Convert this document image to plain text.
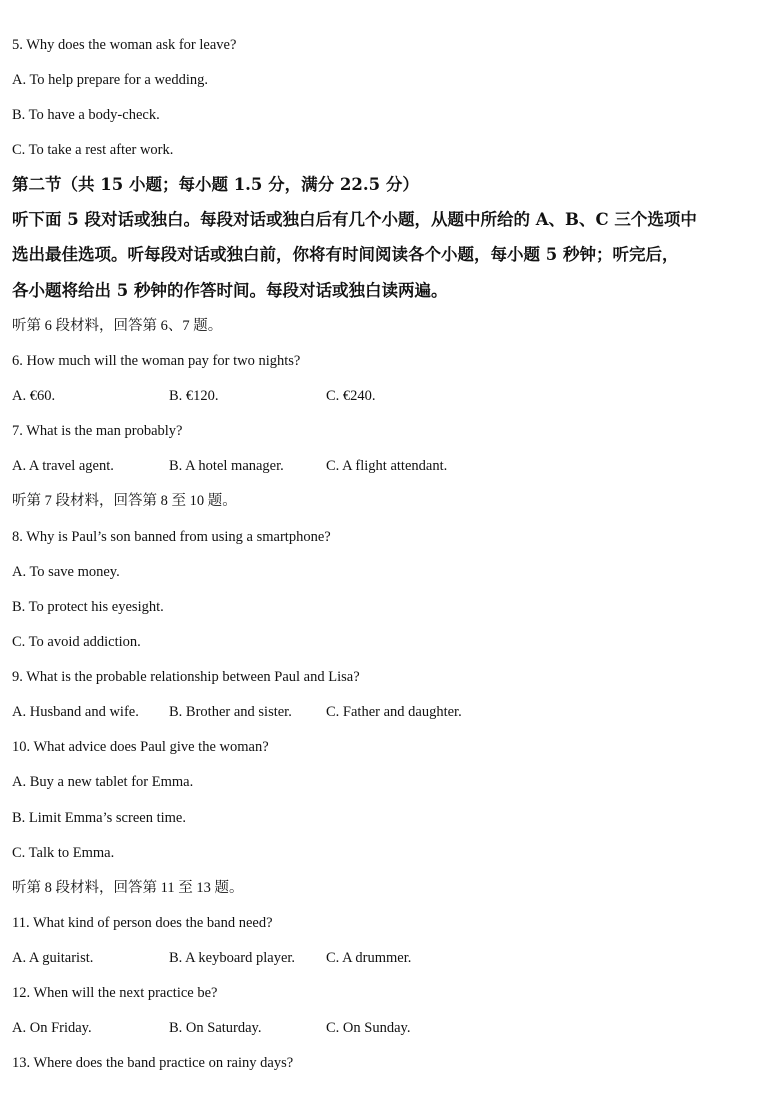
5. Why does the woman ask for leave?
A. To help prepare for a wedding.
B. To have a body-check.
C. To take a rest after work.
第二节（共 15 小题；每小题 1.5 分，满分 22.5 分）
听下面 5 段对话或独白。每段对话或独白后有几个小题，从题中所给的 A、B、C 三个选项中
选出最佳选项。听每段对话或独白前，你将有时间阅读各个小题，每小题 5 秒钟；听完后，
各小题将给出 5 秒钟的作答时间。每段对话或独白读两遍。
听第 6 段材料，回答第 6、7 题。
6. How much will the woman pay for two nights?
A. €60.	B. €120.	C. €240.
7. What is the man probably?
A. A travel agent.	B. A hotel manager.	C. A flight attendant.
听第 7 段材料，回答第 8 至 10 题。
8. Why is Paul’s son banned from using a smartphone?
A. To save money.
B. To protect his eyesight.
C. To avoid addiction.
9. What is the probable relationship between Paul and Lisa?
A. Husband and wife. B. Brother and sister. C. Father and daughter.
10. What advice does Paul give the woman?
A. Buy a new tablet for Emma.
B. Limit Emma’s screen time.
C. Talk to Emma.
听第 8 段材料，回答第 11 至 13 题。
11. What kind of person does the band need?
A. A guitarist.	B. A keyboard player. C. A drummer.
12. When will the next practice be?
A. On Friday.	B. On Saturday.	C. On Sunday.
13. Where does the band practice on rainy days?
